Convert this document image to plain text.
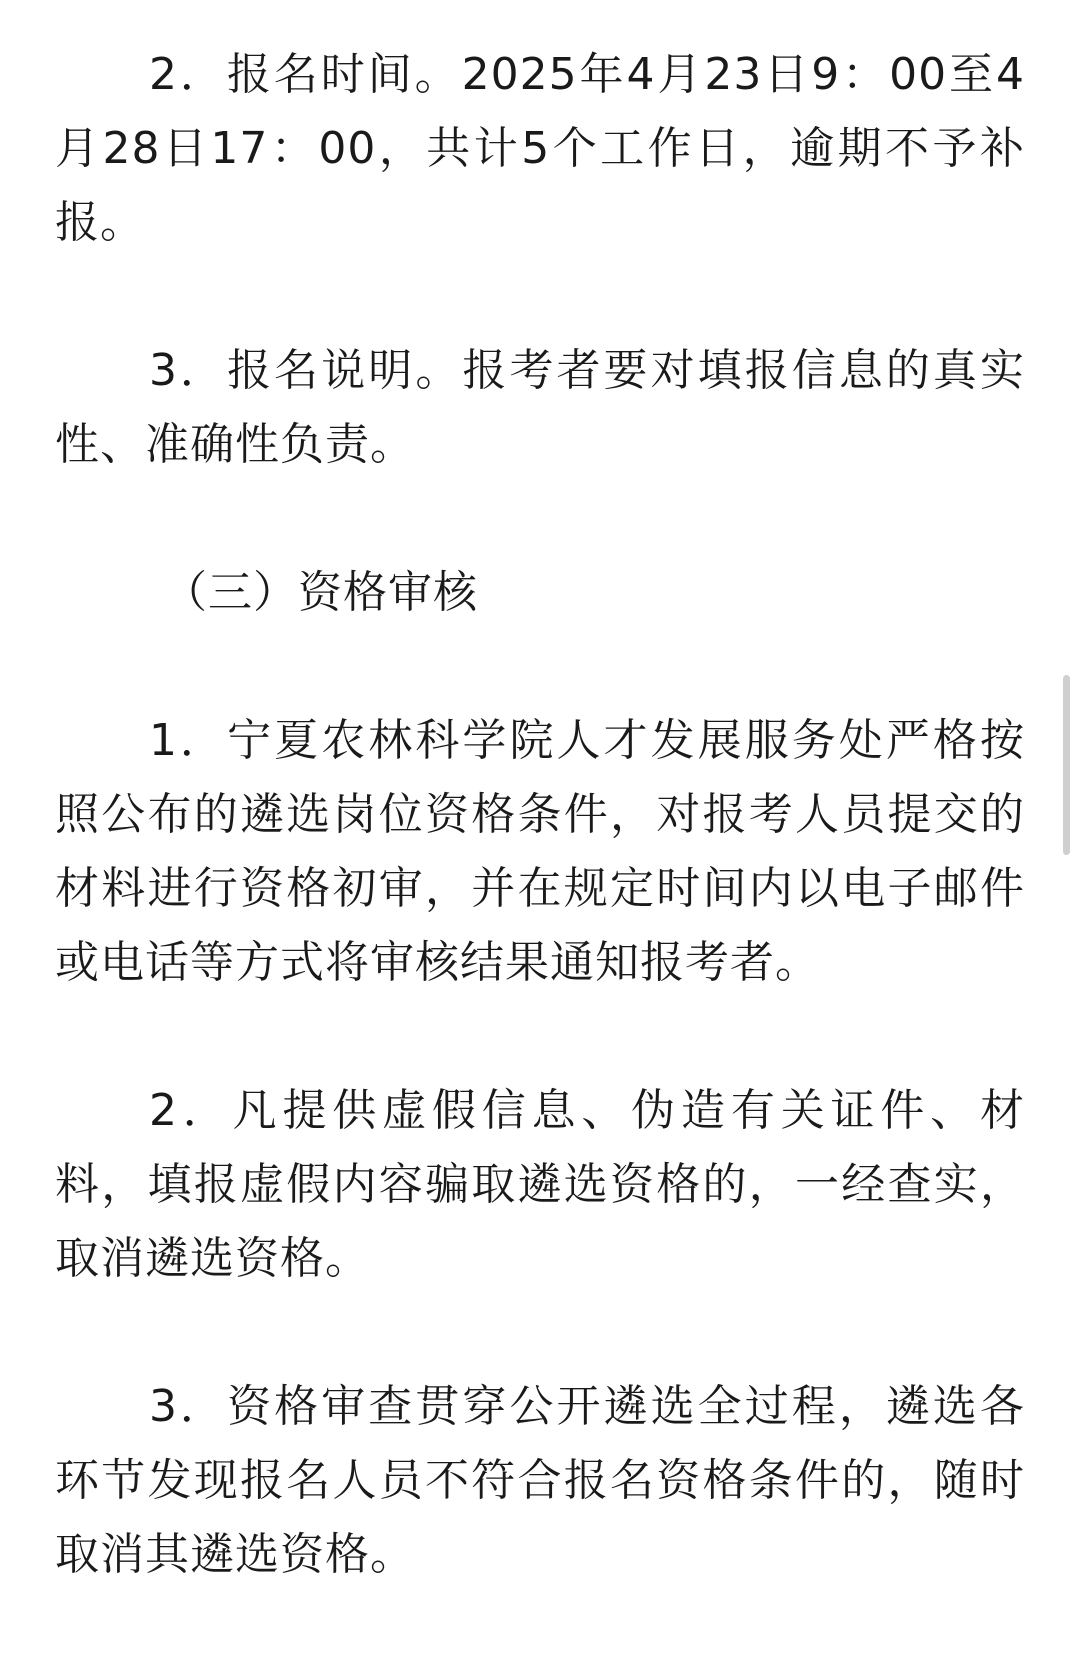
2．报名时间。2025年4月23日9：00至4月28日17：00，共计5个工作日，逾期不予补报。

3．报名说明。报考者要对填报信息的真实性、准确性负责。

（三）资格审核

1．宁夏农林科学院人才发展服务处严格按照公布的遴选岗位资格条件，对报考人员提交的材料进行资格初审，并在规定时间内以电子邮件或电话等方式将审核结果通知报考者。

2．凡提供虚假信息、伪造有关证件、材料，填报虚假内容骗取遴选资格的，一经查实，取消遴选资格。

3．资格审查贯穿公开遴选全过程，遴选各环节发现报名人员不符合报名资格条件的，随时取消其遴选资格。
